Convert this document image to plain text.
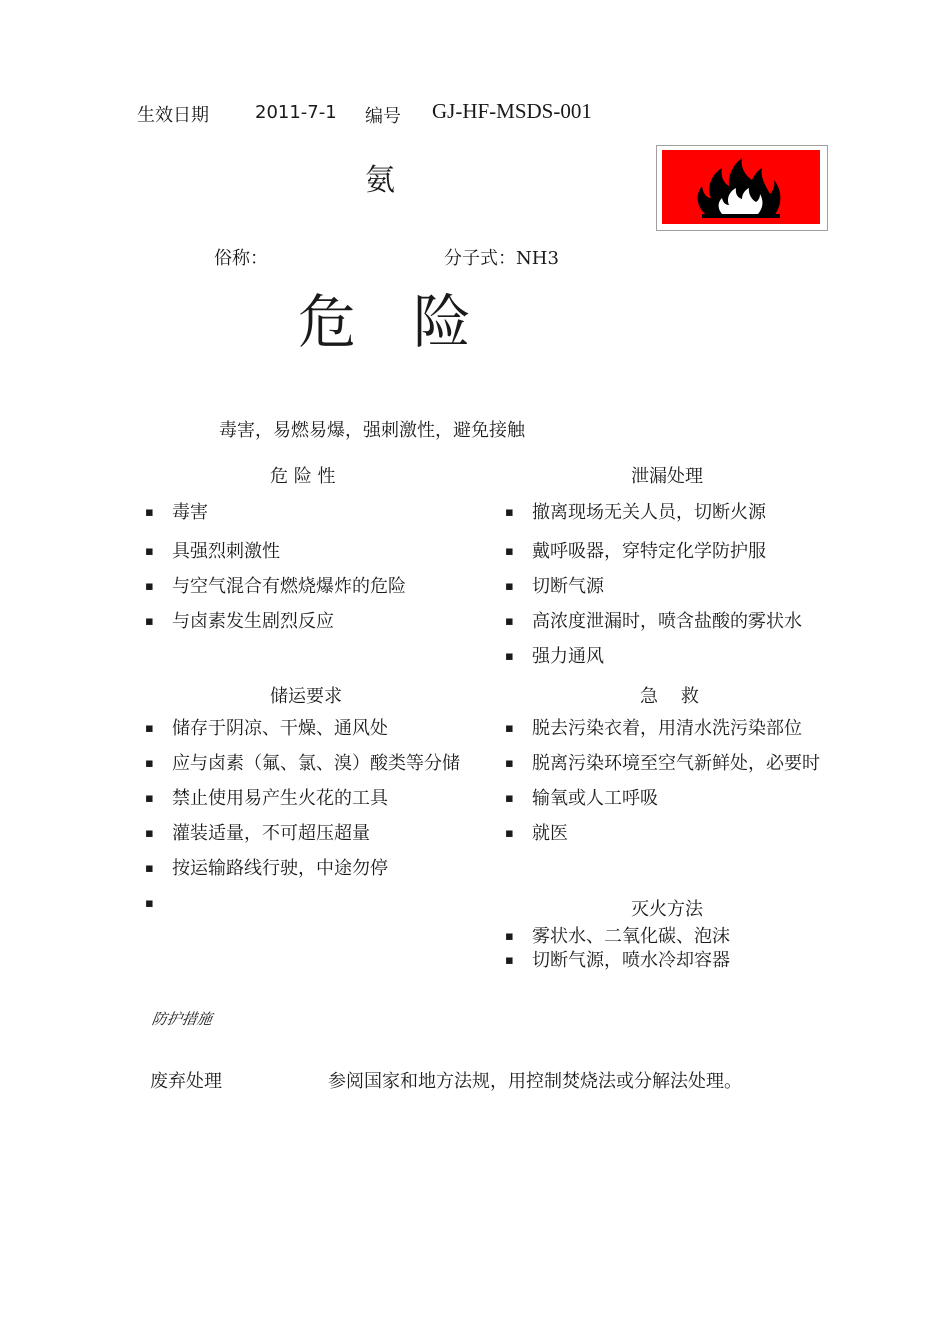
生效日期	2011-7-1 编号 GJ-HF-MSDS-001
氨
俗称：	分子式：NH3
危 险
毒害，易燃易爆，强刺激性，避免接触
危 险 性
▪ 毒害
▪ 具强烈刺激性
▪ 与空气混合有燃烧爆炸的危险
▪ 与卤素发生剧烈反应
泄漏处理
▪ 撤离现场无关人员，切断火源
▪ 戴呼吸器，穿特定化学防护服
▪ 切断气源
▪ 高浓度泄漏时，喷含盐酸的雾状水
▪ 强力通风
储运要求
▪ 储存于阴凉、干燥、通风处
▪ 应与卤素（氟、氯、溴）酸类等分储
▪ 禁止使用易产生火花的工具
▪ 灌装适量，不可超压超量
▪ 按运输路线行驶，中途勿停
▪
急    救
▪ 脱去污染衣着，用清水洗污染部位
▪ 脱离污染环境至空气新鲜处，必要时
▪ 输氧或人工呼吸
▪ 就医
灭火方法
▪ 雾状水、二氧化碳、泡沫
▪ 切断气源，喷水冷却容器
防护措施
废弃处理	参阅国家和地方法规，用控制焚烧法或分解法处理。
